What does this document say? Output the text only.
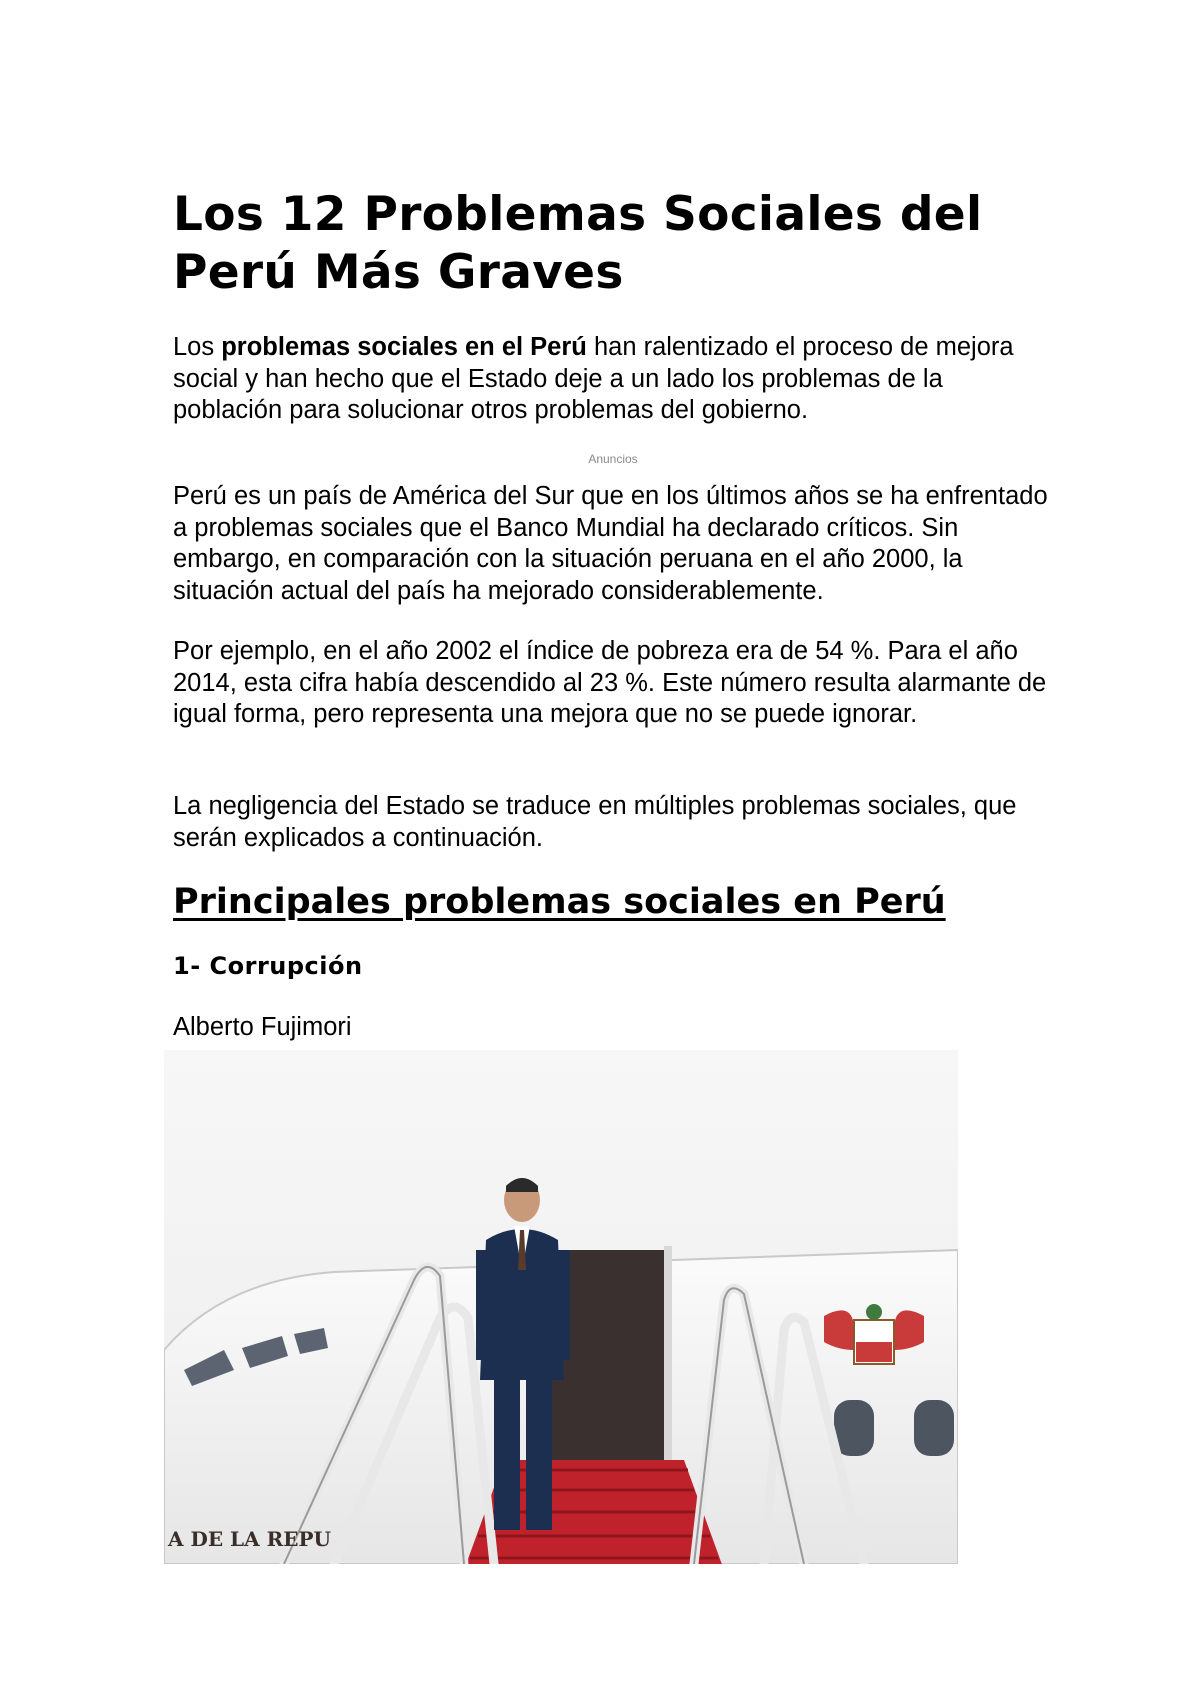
Los 12 Problemas Sociales del Perú Más Graves

Los problemas sociales en el Perú han ralentizado el proceso de mejora social y han hecho que el Estado deje a un lado los problemas de la población para solucionar otros problemas del gobierno.

Anuncios

Perú es un país de América del Sur que en los últimos años se ha enfrentado a problemas sociales que el Banco Mundial ha declarado críticos. Sin embargo, en comparación con la situación peruana en el año 2000, la situación actual del país ha mejorado considerablemente.

Por ejemplo, en el año 2002 el índice de pobreza era de 54 %. Para el año 2014, esta cifra había descendido al 23 %. Este número resulta alarmante de igual forma, pero representa una mejora que no se puede ignorar.

La negligencia del Estado se traduce en múltiples problemas sociales, que serán explicados a continuación.

Principales problemas sociales en Perú
1- Corrupción

Alberto Fujimori

A DE LA REPU
